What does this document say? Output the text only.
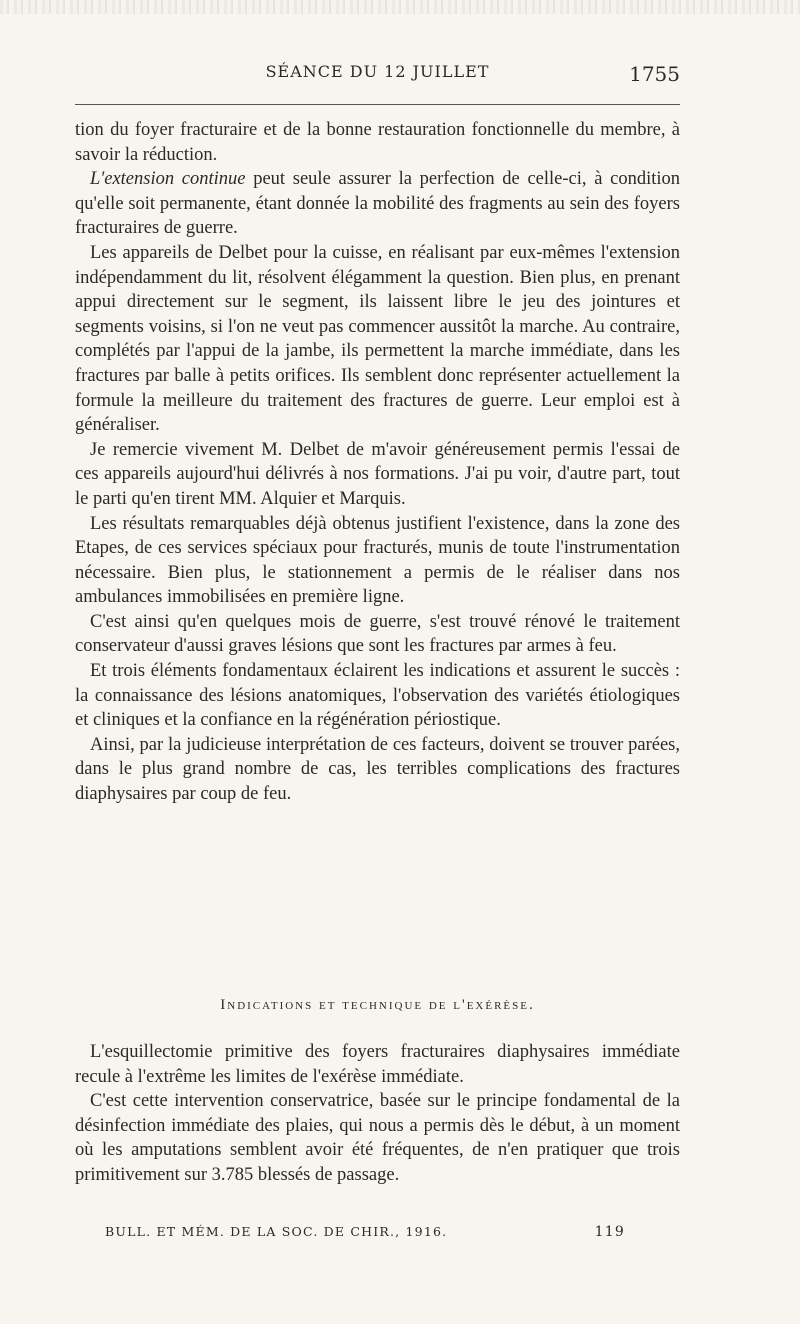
SÉANCE DU 12 JUILLET	1755

tion du foyer fracturaire et de la bonne restauration fonctionnelle du membre, à savoir la réduction.

L'extension continue peut seule assurer la perfection de celle-ci, à condition qu'elle soit permanente, étant donnée la mobilité des fragments au sein des foyers fracturaires de guerre.

Les appareils de Delbet pour la cuisse, en réalisant par eux-mêmes l'extension indépendamment du lit, résolvent élégamment la question. Bien plus, en prenant appui directement sur le segment, ils laissent libre le jeu des jointures et segments voisins, si l'on ne veut pas commencer aussitôt la marche. Au contraire, complétés par l'appui de la jambe, ils permettent la marche immédiate, dans les fractures par balle à petits orifices. Ils semblent donc représenter actuellement la formule la meilleure du traitement des fractures de guerre. Leur emploi est à généraliser.

Je remercie vivement M. Delbet de m'avoir généreusement permis l'essai de ces appareils aujourd'hui délivrés à nos formations. J'ai pu voir, d'autre part, tout le parti qu'en tirent MM. Alquier et Marquis.

Les résultats remarquables déjà obtenus justifient l'existence, dans la zone des Etapes, de ces services spéciaux pour fracturés, munis de toute l'instrumentation nécessaire. Bien plus, le stationnement a permis de le réaliser dans nos ambulances immobilisées en première ligne.

C'est ainsi qu'en quelques mois de guerre, s'est trouvé rénové le traitement conservateur d'aussi graves lésions que sont les fractures par armes à feu.

Et trois éléments fondamentaux éclairent les indications et assurent le succès : la connaissance des lésions anatomiques, l'observation des variétés étiologiques et cliniques et la confiance en la régénération périostique.

Ainsi, par la judicieuse interprétation de ces facteurs, doivent se trouver parées, dans le plus grand nombre de cas, les terribles complications des fractures diaphysaires par coup de feu.

Indications et technique de l'exérèse.

L'esquillectomie primitive des foyers fracturaires diaphysaires immédiate recule à l'extrême les limites de l'exérèse immédiate.

C'est cette intervention conservatrice, basée sur le principe fondamental de la désinfection immédiate des plaies, qui nous a permis dès le début, à un moment où les amputations semblent avoir été fréquentes, de n'en pratiquer que trois primitivement sur 3.785 blessés de passage.

BULL. ET MÉM. DE LA SOC. DE CHIR., 1916.	119
